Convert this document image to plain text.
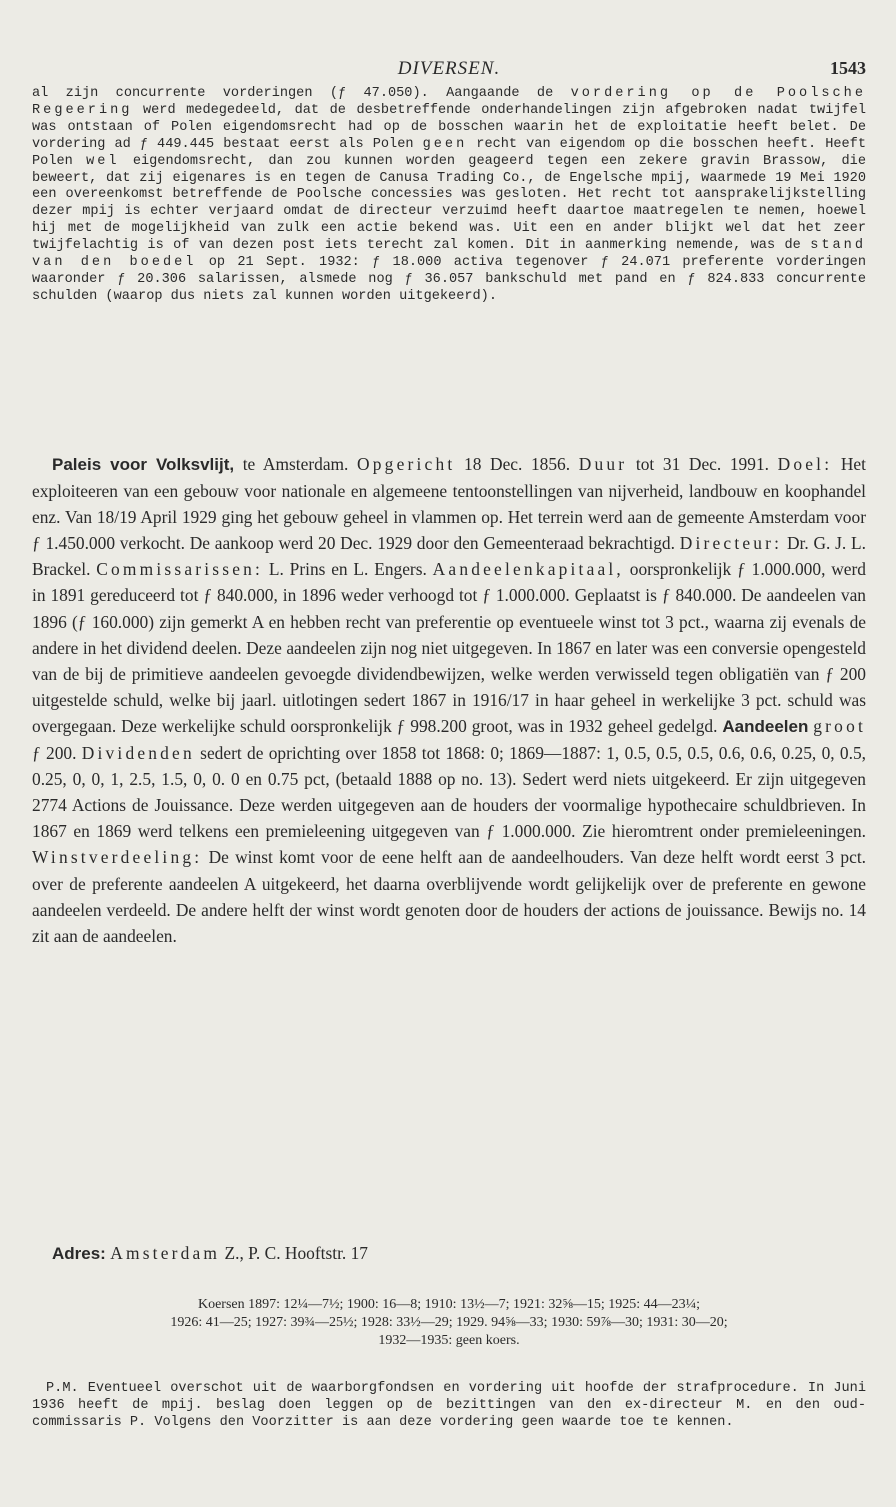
DIVERSEN.	1543
al zijn concurrente vorderingen (ƒ 47.050). Aangaande de vordering op de Poolsche Regeering werd medegedeeld, dat de desbetreffende onderhandelingen zijn afgebroken nadat twijfel was ontstaan of Polen eigendomsrecht had op de bosschen waarin het de exploitatie heeft belet. De vordering ad ƒ 449.445 bestaat eerst als Polen geen recht van eigendom op die bosschen heeft. Heeft Polen wel eigendomsrecht, dan zou kunnen worden geageerd tegen een zekere gravin Brassow, die beweert, dat zij eigenares is en tegen de Canusa Trading Co., de Engelsche mpij, waarmede 19 Mei 1920 een overeenkomst betreffende de Poolsche concessies was gesloten. Het recht tot aansprakelijkstelling dezer mpij is echter verjaard omdat de directeur verzuimd heeft daartoe maatregelen te nemen, hoewel hij met de mogelijkheid van zulk een actie bekend was. Uit een en ander blijkt wel dat het zeer twijfelachtig is of van dezen post iets terecht zal komen. Dit in aanmerking nemende, was de stand van den boedel op 21 Sept. 1932: ƒ 18.000 activa tegenover ƒ 24.071 preferente vorderingen waaronder ƒ 20.306 salarissen, alsmede nog ƒ 36.057 bankschuld met pand en ƒ 824.833 concurrente schulden (waarop dus niets zal kunnen worden uitgekeerd).
Paleis voor Volksvlijt, te Amsterdam. Opgericht 18 Dec. 1856. Duur tot 31 Dec. 1991. Doel: Het exploiteeren van een gebouw voor nationale en algemeene tentoonstellingen van nijverheid, landbouw en koophandel enz. Van 18/19 April 1929 ging het gebouw geheel in vlammen op. Het terrein werd aan de gemeente Amsterdam voor ƒ 1.450.000 verkocht. De aankoop werd 20 Dec. 1929 door den Gemeenteraad bekrachtigd. Directeur: Dr. G. J. L. Brackel. Commissarissen: L. Prins en L. Engers. Aandeelenkapitaal, oorspronkelijk ƒ 1.000.000, werd in 1891 gereduceerd tot ƒ 840.000, in 1896 weder verhoogd tot ƒ 1.000.000. Geplaatst is ƒ 840.000. De aandeelen van 1896 (ƒ 160.000) zijn gemerkt A en hebben recht van preferentie op eventueele winst tot 3 pct., waarna zij evenals de andere in het dividend deelen. Deze aandeelen zijn nog niet uitgegeven. In 1867 en later was een conversie opengesteld van de bij de primitieve aandeelen gevoegde dividendbewijzen, welke werden verwisseld tegen obligatiën van ƒ 200 uitgestelde schuld, welke bij jaarl. uitlotingen sedert 1867 in 1916/17 in haar geheel in werkelijke 3 pct. schuld was overgegaan. Deze werkelijke schuld oorspronkelijk ƒ 998.200 groot, was in 1932 geheel gedelgd. Aandeelen groot ƒ 200. Dividenden sedert de oprichting over 1858 tot 1868: 0; 1869—1887: 1, 0.5, 0.5, 0.5, 0.6, 0.6, 0.25, 0, 0.5, 0.25, 0, 0, 1, 2.5, 1.5, 0, 0. 0 en 0.75 pct, (betaald 1888 op no. 13). Sedert werd niets uitgekeerd. Er zijn uitgegeven 2774 Actions de Jouissance. Deze werden uitgegeven aan de houders der voormalige hypothecaire schuldbrieven. In 1867 en 1869 werd telkens een premieleening uitgegeven van ƒ 1.000.000. Zie hieromtrent onder premieleeningen. Winstverdeeling: De winst komt voor de eene helft aan de aandeelhouders. Van deze helft wordt eerst 3 pct. over de preferente aandeelen A uitgekeerd, het daarna overblijvende wordt gelijkelijk over de preferente en gewone aandeelen verdeeld. De andere helft der winst wordt genoten door de houders der actions de jouissance. Bewijs no. 14 zit aan de aandeelen.
Adres: Amsterdam Z., P. C. Hooftstr. 17
Koersen 1897: 12¼—7½; 1900: 16—8; 1910: 13½—7; 1921: 32⅝—15; 1925: 44—23¼;
1926: 41—25; 1927: 39¾—25½; 1928: 33½—29; 1929. 94⅝—33; 1930: 59⅞—30; 1931: 30—20;
1932—1935: geen koers.
P.M. Eventueel overschot uit de waarborgfondsen en vordering uit hoofde der strafprocedure. In Juni 1936 heeft de mpij. beslag doen leggen op de bezittingen van den ex-directeur M. en den oud-commissaris P. Volgens den Voorzitter is aan deze vordering geen waarde toe te kennen.
